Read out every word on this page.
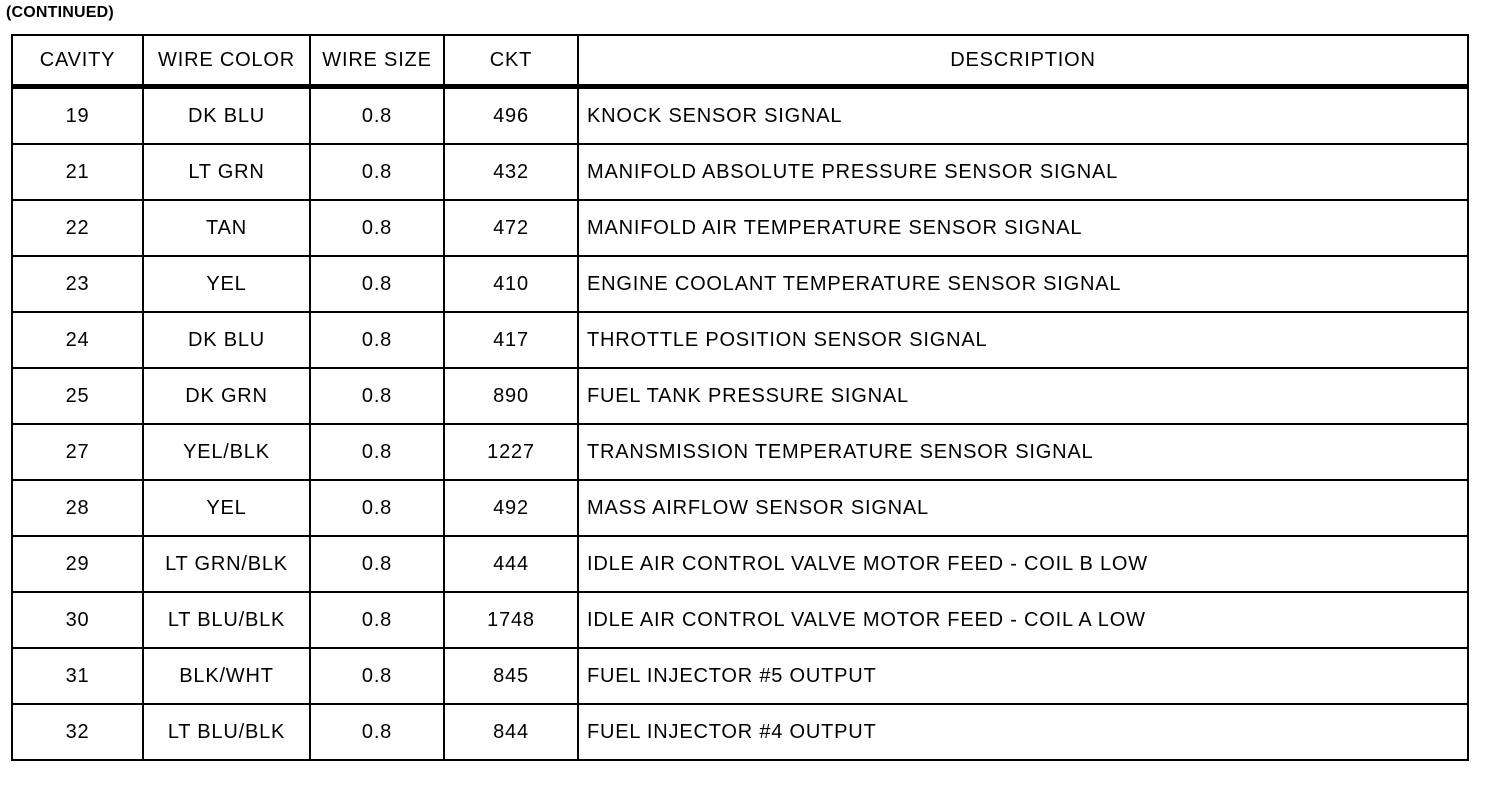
(CONTINUED)
CAVITY	WIRE COLOR	WIRE SIZE	CKT	DESCRIPTION
19	DK BLU	0.8	496	KNOCK SENSOR SIGNAL
21	LT GRN	0.8	432	MANIFOLD ABSOLUTE PRESSURE SENSOR SIGNAL
22	TAN	0.8	472	MANIFOLD AIR TEMPERATURE SENSOR SIGNAL
23	YEL	0.8	410	ENGINE COOLANT TEMPERATURE SENSOR SIGNAL
24	DK BLU	0.8	417	THROTTLE POSITION SENSOR SIGNAL
25	DK GRN	0.8	890	FUEL TANK PRESSURE SIGNAL
27	YEL/BLK	0.8	1227	TRANSMISSION TEMPERATURE SENSOR SIGNAL
28	YEL	0.8	492	MASS AIRFLOW SENSOR SIGNAL
29	LT GRN/BLK	0.8	444	IDLE AIR CONTROL VALVE MOTOR FEED - COIL B LOW
30	LT BLU/BLK	0.8	1748	IDLE AIR CONTROL VALVE MOTOR FEED - COIL A LOW
31	BLK/WHT	0.8	845	FUEL INJECTOR #5 OUTPUT
32	LT BLU/BLK	0.8	844	FUEL INJECTOR #4 OUTPUT
